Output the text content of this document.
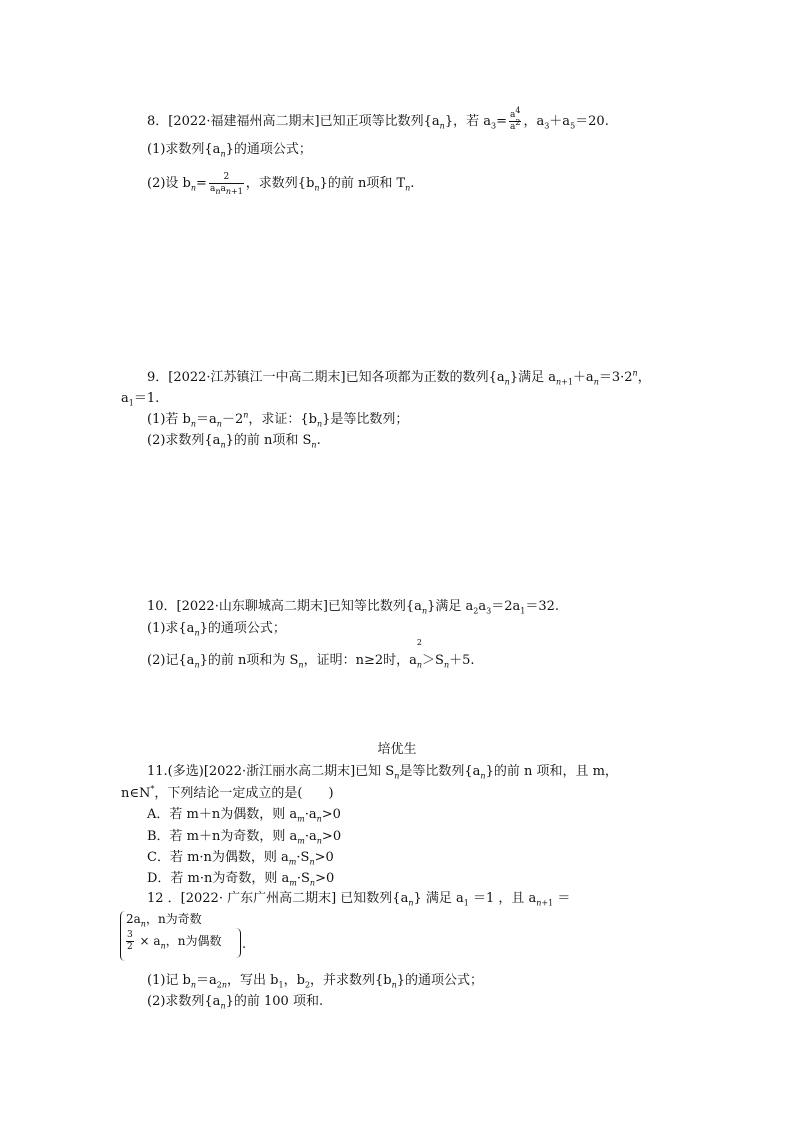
8．[2022·福建福州高二期末]已知正项等比数列$\{a_n\}$，若 $a_3= \frac{a^4}{a^2}$ ，$a_3+a_5=20$.
(1)求数列$\{a_n\}$的通项公式；
(2)设 $b_n= \frac{2}{a_na_{n+1}}$ ，求数列$\{b_n\}$的前 n项和 $T_n$.
9．[2022·江苏镇江一中高二期末]已知各项都为正数的数列$\{a_n\}$满足 $a_{n+1}+a_n=3\cdot 2^n$，
$a_1=1$.
(1)若 $b_n=a_n-2^n$，求证：$\{b_n\}$是等比数列；
(2)求数列$\{a_n\}$的前 n项和 $S_n$.
10．[2022·山东聊城高二期末]已知等比数列$\{a_n\}$满足 $a_2a_3=2a_1=32$.
(1)求$\{a_n\}$的通项公式；
(2)记$\{a_n\}$的前 n项和为 $S_n$，证明：n≥2时，a
2
$_n>S_n+5$.
培优生
11.(多选)[2022·浙江丽水高二期末]已知 $S_n$是等比数列$\{a_n\}$的前 n 项和，且 m，
n∈N*，下列结论一定成立的是(　　)
A．若 m＋n为偶数，则 $a_m\cdot a_n>0$
B．若 m＋n为奇数，则 $a_m\cdot a_n>0$
C．若 m·n为偶数，则 $a_m\cdot S_n>0$
D．若 m·n为奇数，则 $a_m\cdot S_n>0$
12 ．[2022· 广东广州高二期末] 已知数列$\{a_n\}$ 满足 $a_1 =1$ ，且 $a_{n+1}$ ＝
$2a_n$，n为奇数
$\frac{3}{2} \times a_n$，n为偶数 .
(1)记 $b_n=a_{2n}$，写出 $b_1$，$b_2$，并求数列$\{b_n\}$的通项公式；
(2)求数列$\{a_n\}$的前 100 项和.
